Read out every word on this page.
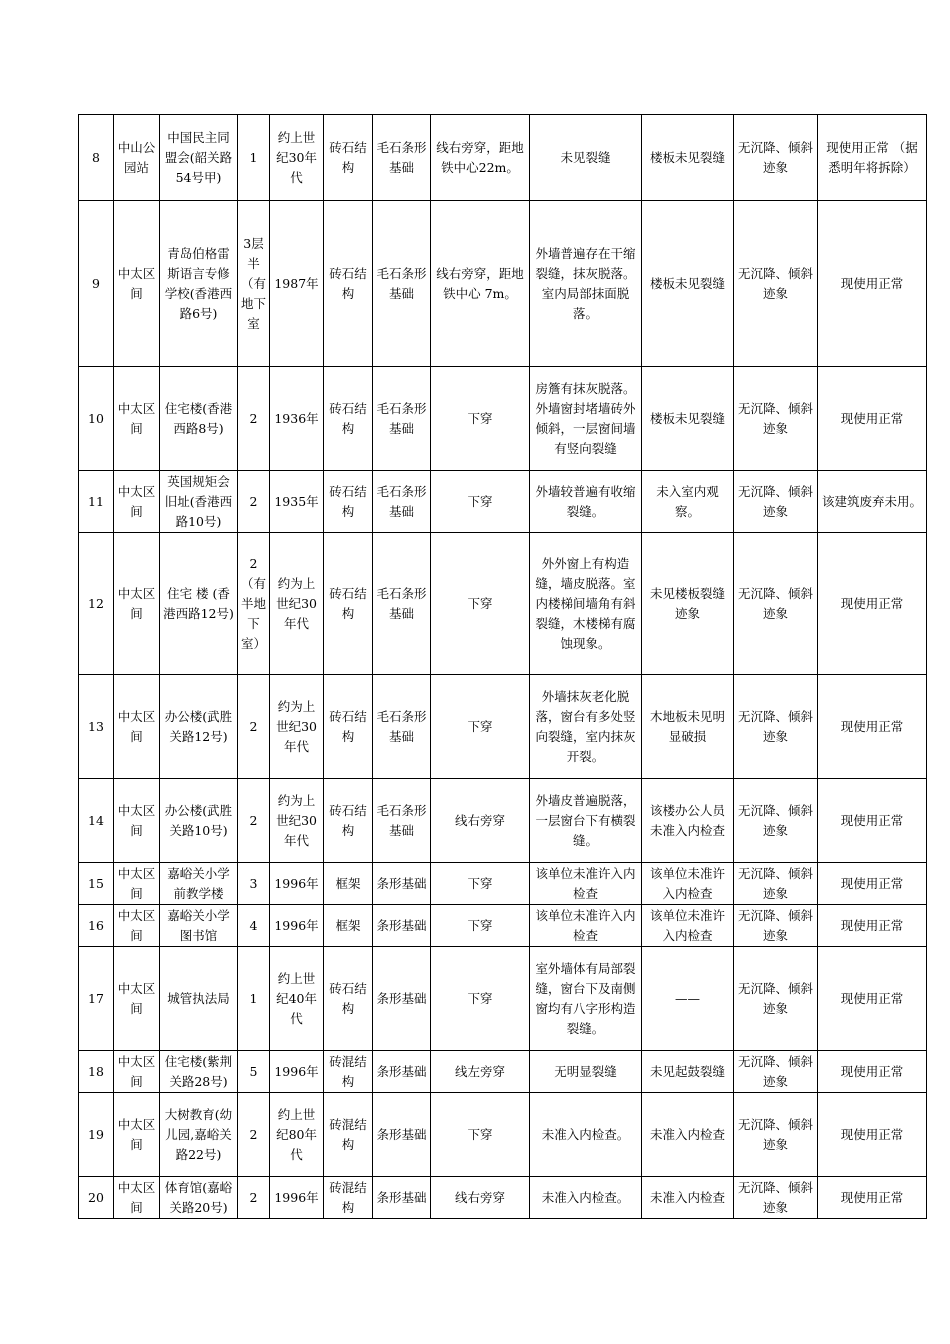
8	中山公园站	中国民主同盟会(韶关路54号甲)	1	约上世纪30年代	砖石结构	毛石条形基础	线右旁穿，距地铁中心22m。	未见裂缝	楼板未见裂缝	无沉降、倾斜迹象	现使用正常 （据悉明年将拆除）
9	中太区间	青岛伯格雷斯语言专修学校(香港西路6号)	3层半（有地下室	1987年	砖石结构	毛石条形基础	线右旁穿，距地铁中心 7m。	外墙普遍存在干缩裂缝，抹灰脱落。室内局部抹面脱落。	楼板未见裂缝	无沉降、倾斜迹象	现使用正常
10	中太区间	住宅楼(香港西路8号)	2	1936年	砖石结构	毛石条形基础	下穿	房簷有抹灰脱落。外墙窗封堵墙砖外倾斜，一层窗间墙有竖向裂缝	楼板未见裂缝	无沉降、倾斜迹象	现使用正常
11	中太区间	英国规矩会旧址(香港西路10号)	2	1935年	砖石结构	毛石条形基础	下穿	外墙较普遍有收缩裂缝。	未入室内观察。	无沉降、倾斜迹象	该建筑废弃未用。
12	中太区间	住宅 楼 (香港西路12号)	2（有半地下室）	约为上世纪30年代	砖石结构	毛石条形基础	下穿	外外窗上有构造缝，墙皮脱落。室内楼梯间墙角有斜裂缝，木楼梯有腐蚀现象。	未见楼板裂缝迹象	无沉降、倾斜迹象	现使用正常
13	中太区间	办公楼(武胜关路12号)	2	约为上世纪30年代	砖石结构	毛石条形基础	下穿	外墙抹灰老化脱落，窗台有多处竖向裂缝，室内抹灰开裂。	木地板未见明显破损	无沉降、倾斜迹象	现使用正常
14	中太区间	办公楼(武胜关路10号)	2	约为上世纪30年代	砖石结构	毛石条形基础	线右旁穿	外墙皮普遍脱落，一层窗台下有横裂缝。	该楼办公人员未准入内检查	无沉降、倾斜迹象	现使用正常
15	中太区间	嘉峪关小学前教学楼	3	1996年	框架	条形基础	下穿	该单位未准许入内检查	该单位未准许入内检查	无沉降、倾斜迹象	现使用正常
16	中太区间	嘉峪关小学图书馆	4	1996年	框架	条形基础	下穿	该单位未准许入内检查	该单位未准许入内检查	无沉降、倾斜迹象	现使用正常
17	中太区间	城管执法局	1	约上世纪40年代	砖石结构	条形基础	下穿	室外墙体有局部裂缝，窗台下及南侧窗均有八字形构造裂缝。	——	无沉降、倾斜迹象	现使用正常
18	中太区间	住宅楼(紫荆关路28号)	5	1996年	砖混结构	条形基础	线左旁穿	无明显裂缝	未见起鼓裂缝	无沉降、倾斜迹象	现使用正常
19	中太区间	大树教育(幼儿园,嘉峪关路22号)	2	约上世纪80年代	砖混结构	条形基础	下穿	未准入内检查。	未准入内检查	无沉降、倾斜迹象	现使用正常
20	中太区间	体育馆(嘉峪关路20号)	2	1996年	砖混结构	条形基础	线右旁穿	未准入内检查。	未准入内检查	无沉降、倾斜迹象	现使用正常
